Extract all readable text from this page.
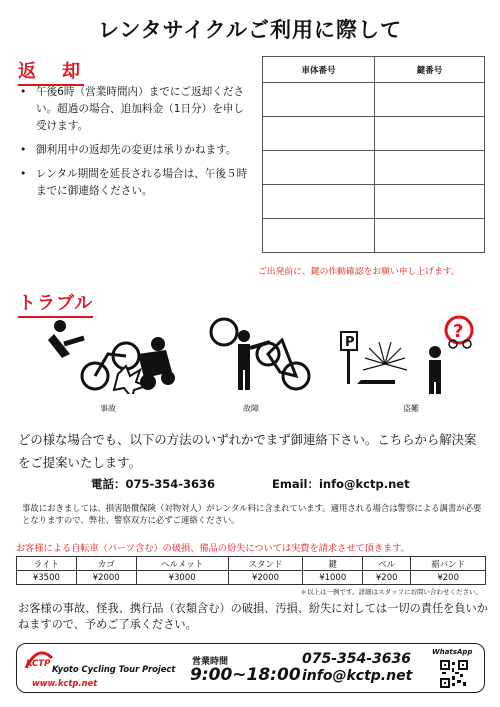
レンタサイクルご利用に際して
返　却
• 午後6時（営業時間内）までにご返却ください。超過の場合、追加料金（1日分）を申し受けます。
• 御利用中の返却先の変更は承りかねます。
• レンタル期間を延長される場合は、午後５時までに御連絡ください。
車体番号	鍵番号

ご出発前に、鍵の作動確認をお願い申し上げます。
トラブル
P
?
事故	故障	盗難
どの様な場合でも、以下の方法のいずれかでまず御連絡下さい。こちらから解決案をご提案いたします。
電話：075-354-3636	Email：info@kctp.net
事故におきましては、損害賠償保険（対物対人）がレンタル料に含まれています。適用される場合は警察による調書が必要となりますので、弊社、警察双方に必ずご連絡ください。
お客様による自転車（パーツ含む）の破損、備品の紛失については実費を請求させて頂きます。
ライト	カゴ	ヘルメット	スタンド	鍵	ベル	裾バンド
¥3500	¥2000	¥3000	¥2000	¥1000	¥200	¥200
＊以上は一例です。詳細はスタッフにお問い合わせください。
お客様の事故、怪我、携行品（衣類含む）の破損、汚損、紛失に対しては一切の責任を負いかねますので、予めご了承ください。
KCTP Kyoto Cycling Tour Project
www.kctp.net
営業時間
9:00~18:00
075-354-3636
info@kctp.net
WhatsApp
